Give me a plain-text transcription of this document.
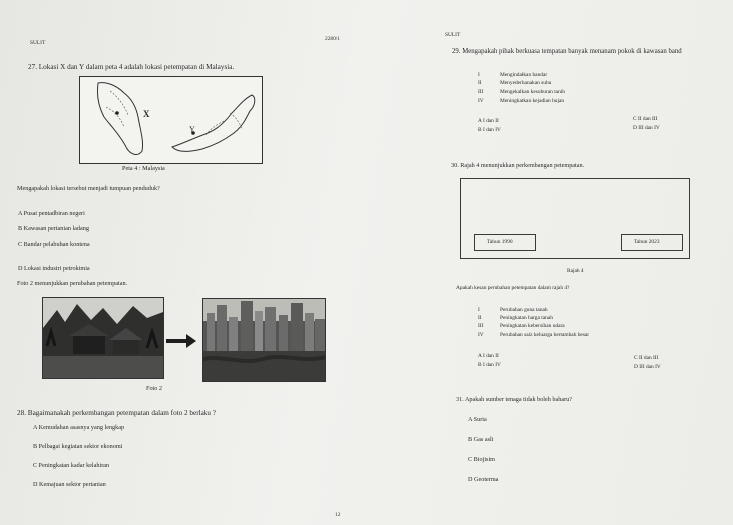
SULIT
2280/1
SULIT
27. Lokasi X dan Y dalam peta 4 adalah lokasi petempatan di Malaysia.
X
Y
Peta 4 : Malaysia
Mengapakah lokasi tersebut menjadi tumpuan penduduk?
A Pusat pentadbiran negeri
B Kawasan pertanian ladang
C Bandar pelabuhan kontena
D Lokasi industri petrokimia
Foto 2 menunjukkan perubahan petempatan.
Foto 2
28. Bagaimanakah perkembangan petempatan dalam foto 2 berlaku ?
A Kemudahan asasnya yang lengkap
B Pelbagai kegiatan sektor ekonomi
C Peningkatan kadar kelahiran
D Kemajuan sektor pertanian
29. Mengapakah pihak berkuasa tempatan banyak menanam pokok di kawasan band
I	Mengindałkan bandar
II	Menyederhanakan suhu
III	Mengekalkan kesuburan tanih
IV	Meningkatkan kejadian hujan
A I dan II
B I dan IV
C II dan III
D III dan IV
30. Rajah 4 menunjukkan perkembangan petempatan.
Tahun 1990	Tahun 2023
Rajah 4
Apakah kesan perubahan petempatan dalam rajah 4?
I	Perubahan guna tanah
II	Peningkatan harga tanah
III	Peningkatan kebersihan udara
IV	Perubahan saiz keluarga bertambah besar
A I dan II
B I dan IV
C II dan III
D III dan IV
31. Apakah sumber tenaga tidak boleh baharu?
A Suria
B Gas asli
C Biojisim
D Geoterma
12
